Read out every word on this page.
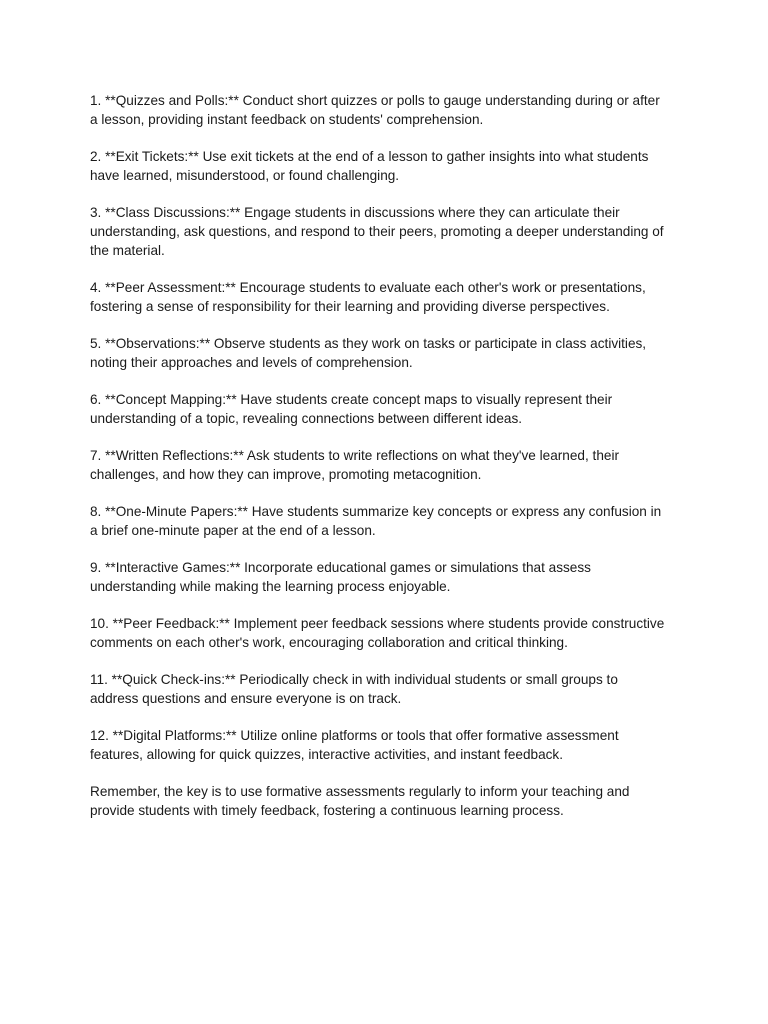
1. **Quizzes and Polls:** Conduct short quizzes or polls to gauge understanding during or after
a lesson, providing instant feedback on students' comprehension.

2. **Exit Tickets:** Use exit tickets at the end of a lesson to gather insights into what students
have learned, misunderstood, or found challenging.

3. **Class Discussions:** Engage students in discussions where they can articulate their
understanding, ask questions, and respond to their peers, promoting a deeper understanding of
the material.

4. **Peer Assessment:** Encourage students to evaluate each other's work or presentations,
fostering a sense of responsibility for their learning and providing diverse perspectives.

5. **Observations:** Observe students as they work on tasks or participate in class activities,
noting their approaches and levels of comprehension.

6. **Concept Mapping:** Have students create concept maps to visually represent their
understanding of a topic, revealing connections between different ideas.

7. **Written Reflections:** Ask students to write reflections on what they've learned, their
challenges, and how they can improve, promoting metacognition.

8. **One-Minute Papers:** Have students summarize key concepts or express any confusion in
a brief one-minute paper at the end of a lesson.

9. **Interactive Games:** Incorporate educational games or simulations that assess
understanding while making the learning process enjoyable.

10. **Peer Feedback:** Implement peer feedback sessions where students provide constructive
comments on each other's work, encouraging collaboration and critical thinking.

11. **Quick Check-ins:** Periodically check in with individual students or small groups to
address questions and ensure everyone is on track.

12. **Digital Platforms:** Utilize online platforms or tools that offer formative assessment
features, allowing for quick quizzes, interactive activities, and instant feedback.

Remember, the key is to use formative assessments regularly to inform your teaching and
provide students with timely feedback, fostering a continuous learning process.
